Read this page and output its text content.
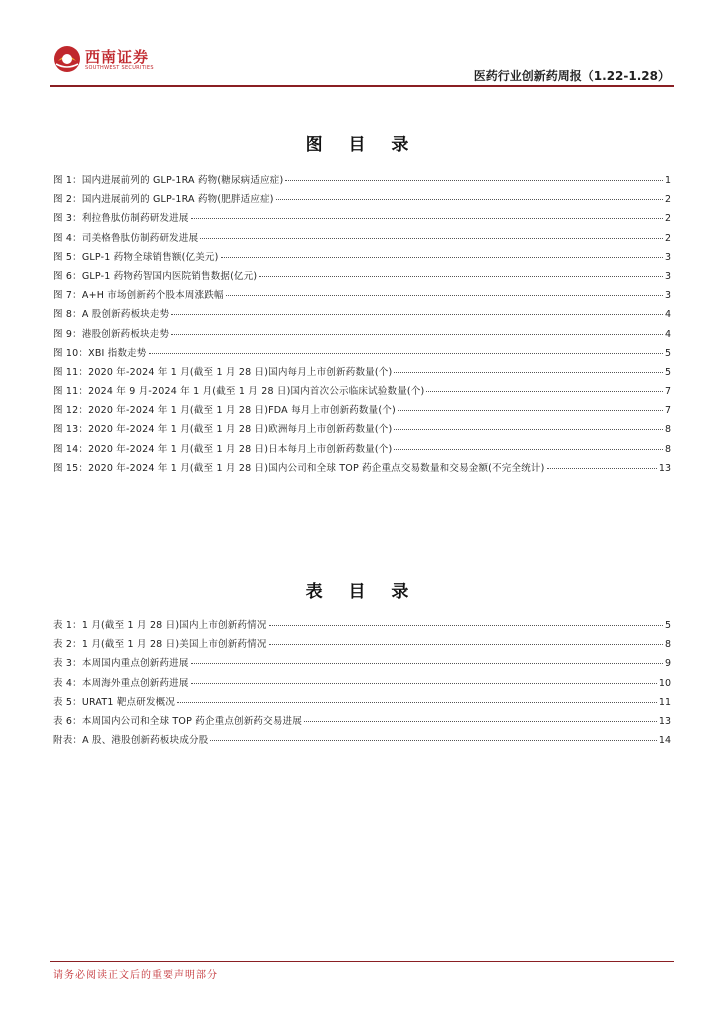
西南证券
SOUTHWEST SECURITIES
医药行业创新药周报（1.22-1.28）
图 目 录
图 1：国内进展前列的 GLP-1RA 药物(糖尿病适应症)	1
图 2：国内进展前列的 GLP-1RA 药物(肥胖适应症)	2
图 3：利拉鲁肽仿制药研发进展	2
图 4：司美格鲁肽仿制药研发进展	2
图 5：GLP-1 药物全球销售额(亿美元)	3
图 6：GLP-1 药物药智国内医院销售数据(亿元)	3
图 7：A+H 市场创新药个股本周涨跌幅	3
图 8：A 股创新药板块走势	4
图 9：港股创新药板块走势	4
图 10：XBI 指数走势	5
图 11：2020 年-2024 年 1 月(截至 1 月 28 日)国内每月上市创新药数量(个)	5
图 11：2024 年 9 月-2024 年 1 月(截至 1 月 28 日)国内首次公示临床试验数量(个)	7
图 12：2020 年-2024 年 1 月(截至 1 月 28 日)FDA 每月上市创新药数量(个)	7
图 13：2020 年-2024 年 1 月(截至 1 月 28 日)欧洲每月上市创新药数量(个)	8
图 14：2020 年-2024 年 1 月(截至 1 月 28 日)日本每月上市创新药数量(个)	8
图 15：2020 年-2024 年 1 月(截至 1 月 28 日)国内公司和全球 TOP 药企重点交易数量和交易金额(不完全统计)	13
表 目 录
表 1：1 月(截至 1 月 28 日)国内上市创新药情况	5
表 2：1 月(截至 1 月 28 日)美国上市创新药情况	8
表 3：本周国内重点创新药进展	9
表 4：本周海外重点创新药进展	10
表 5：URAT1 靶点研发概况	11
表 6：本周国内公司和全球 TOP 药企重点创新药交易进展	13
附表：A 股、港股创新药板块成分股	14
请务必阅读正文后的重要声明部分
